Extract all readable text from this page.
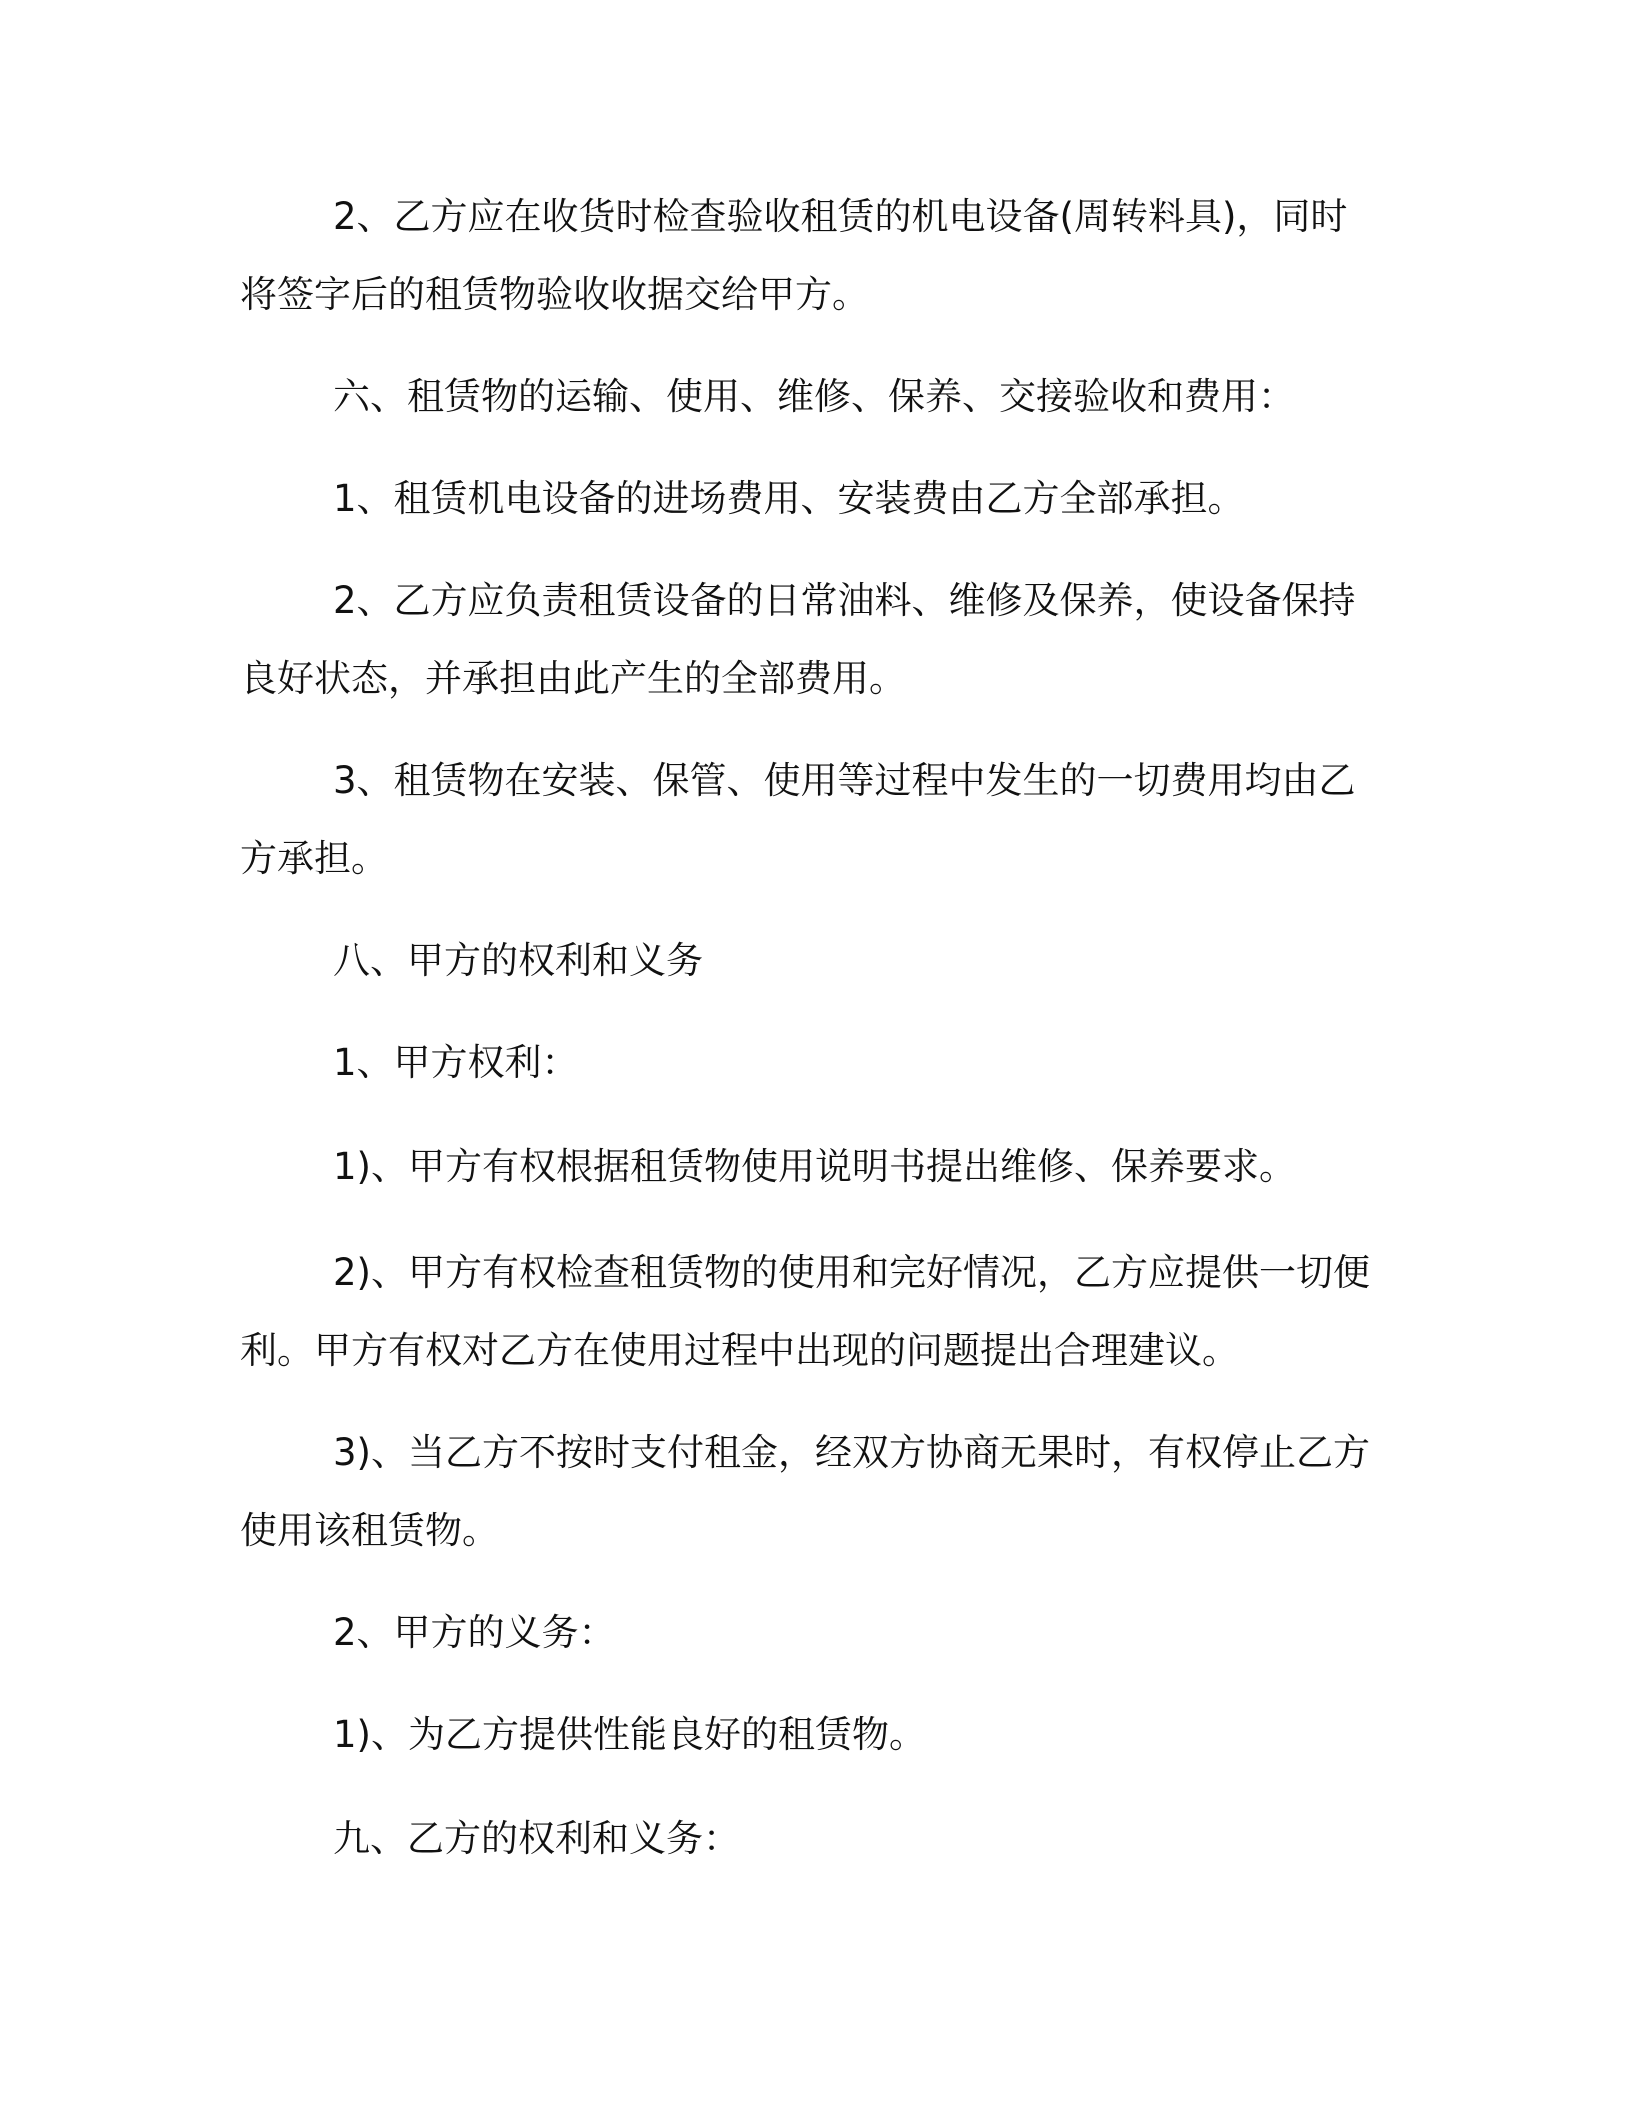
2、乙方应在收货时检查验收租赁的机电设备(周转料具)，同时将签字后的租赁物验收收据交给甲方。

六、租赁物的运输、使用、维修、保养、交接验收和费用：

1、租赁机电设备的进场费用、安装费由乙方全部承担。

2、乙方应负责租赁设备的日常油料、维修及保养，使设备保持良好状态，并承担由此产生的全部费用。

3、租赁物在安装、保管、使用等过程中发生的一切费用均由乙方承担。

八、甲方的权利和义务

1、甲方权利：

1)、甲方有权根据租赁物使用说明书提出维修、保养要求。

2)、甲方有权检查租赁物的使用和完好情况，乙方应提供一切便利。甲方有权对乙方在使用过程中出现的问题提出合理建议。

3)、当乙方不按时支付租金，经双方协商无果时，有权停止乙方使用该租赁物。

2、甲方的义务：

1)、为乙方提供性能良好的租赁物。

九、乙方的权利和义务：
